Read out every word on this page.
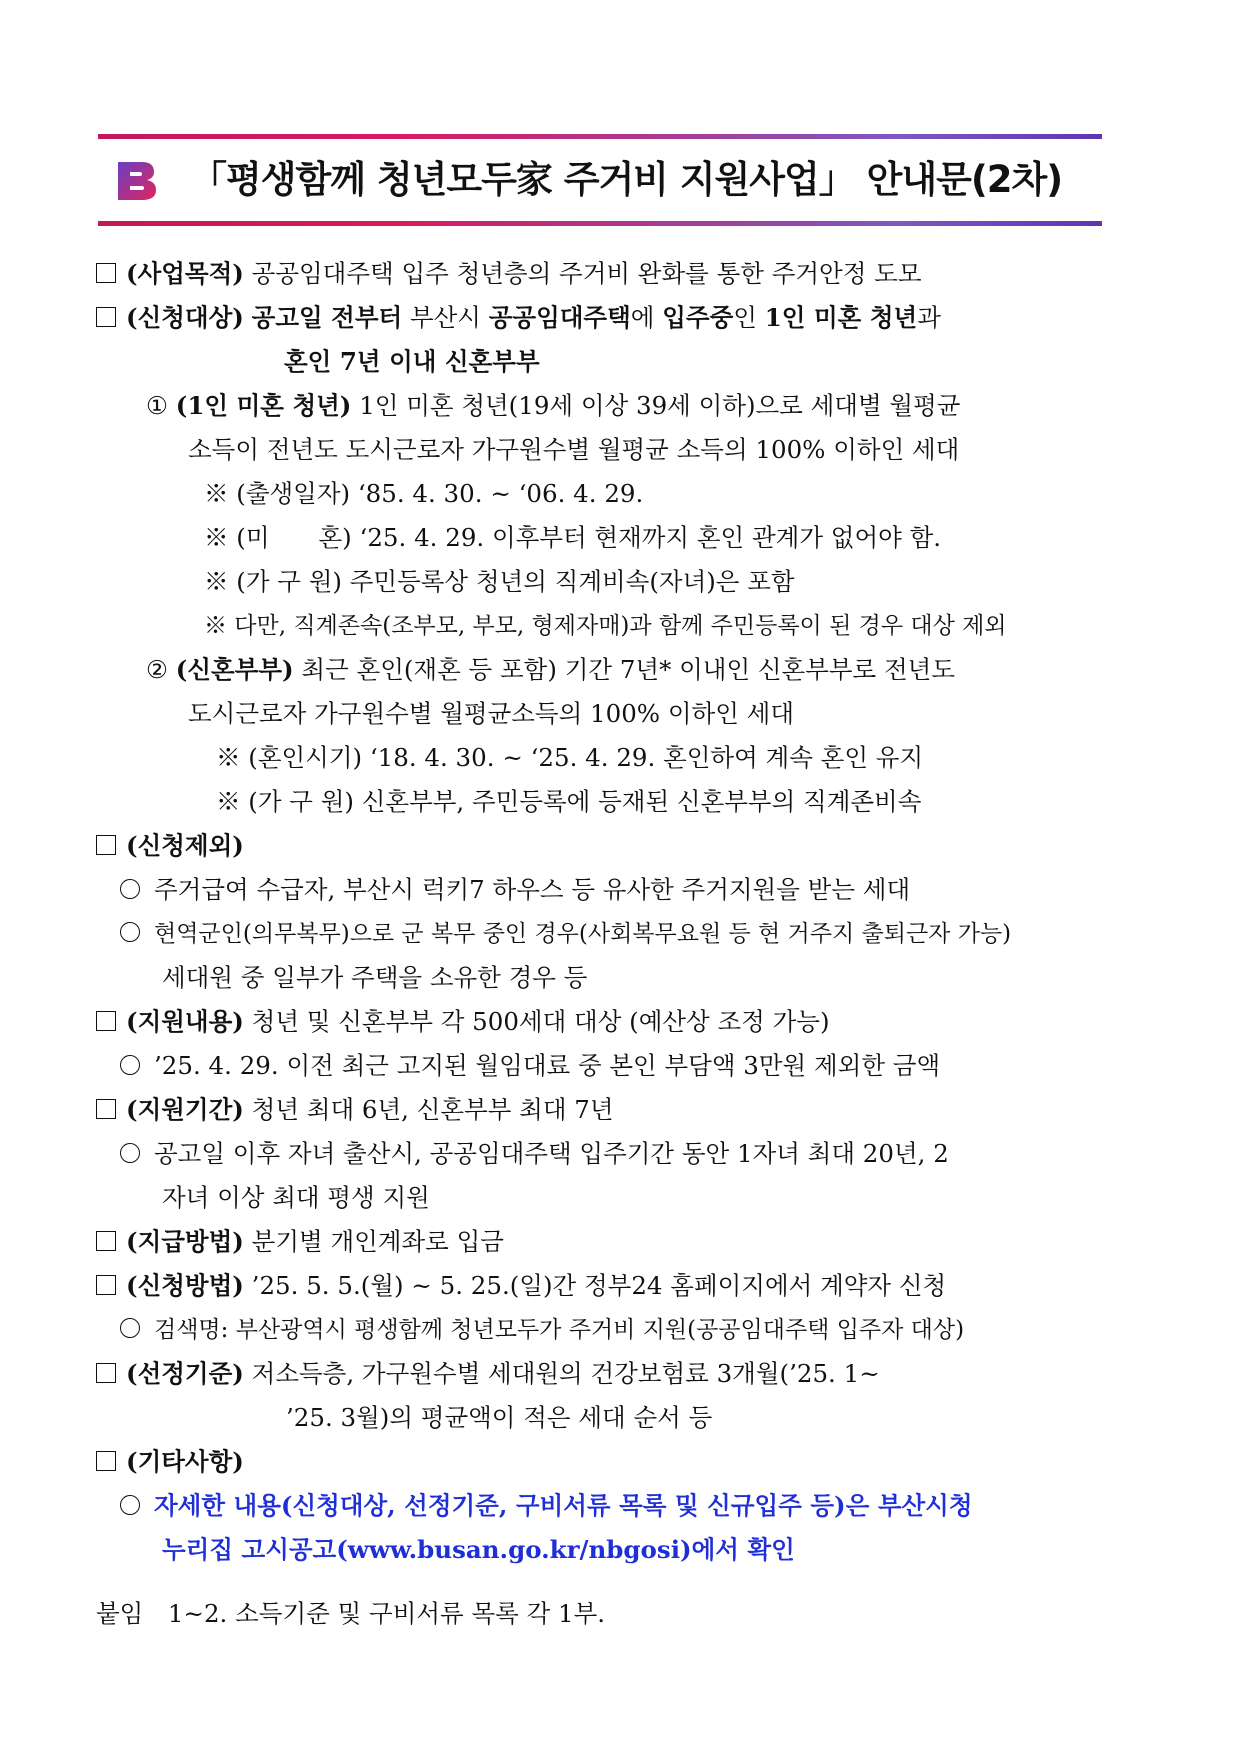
「평생함께 청년모두家 주거비 지원사업」 안내문(2차)
(사업목적) 공공임대주택 입주 청년층의 주거비 완화를 통한 주거안정 도모
(신청대상) 공고일 전부터 부산시 공공임대주택에 입주중인 1인 미혼 청년과
혼인 7년 이내 신혼부부
① (1인 미혼 청년) 1인 미혼 청년(19세 이상 39세 이하)으로 세대별 월평균
소득이 전년도 도시근로자 가구원수별 월평균 소득의 100% 이하인 세대
※ (출생일자) ‘85. 4. 30. ~ ‘06. 4. 29.
※ (미　　혼) ‘25. 4. 29. 이후부터 현재까지 혼인 관계가 없어야 함.
※ (가 구 원) 주민등록상 청년의 직계비속(자녀)은 포함
※ 다만, 직계존속(조부모, 부모, 형제자매)과 함께 주민등록이 된 경우 대상 제외
② (신혼부부) 최근 혼인(재혼 등 포함) 기간 7년* 이내인 신혼부부로 전년도
도시근로자 가구원수별 월평균소득의 100% 이하인 세대
※ (혼인시기) ‘18. 4. 30. ~ ‘25. 4. 29. 혼인하여 계속 혼인 유지
※ (가 구 원) 신혼부부, 주민등록에 등재된 신혼부부의 직계존비속
(신청제외)
주거급여 수급자, 부산시 럭키7 하우스 등 유사한 주거지원을 받는 세대
현역군인(의무복무)으로 군 복무 중인 경우(사회복무요원 등 현 거주지 출퇴근자 가능)
세대원 중 일부가 주택을 소유한 경우 등
(지원내용) 청년 및 신혼부부 각 500세대 대상 (예산상 조정 가능)
’25. 4. 29. 이전 최근 고지된 월임대료 중 본인 부담액 3만원 제외한 금액
(지원기간) 청년 최대 6년, 신혼부부 최대 7년
공고일 이후 자녀 출산시, 공공임대주택 입주기간 동안 1자녀 최대 20년, 2
자녀 이상 최대 평생 지원
(지급방법) 분기별 개인계좌로 입금
(신청방법) ’25. 5. 5.(월) ~ 5. 25.(일)간 정부24 홈페이지에서 계약자 신청
검색명: 부산광역시 평생함께 청년모두가 주거비 지원(공공임대주택 입주자 대상)
(선정기준) 저소득층, 가구원수별 세대원의 건강보험료 3개월(’25. 1~
’25. 3월)의 평균액이 적은 세대 순서 등
(기타사항)
자세한 내용(신청대상, 선정기준, 구비서류 목록 및 신규입주 등)은 부산시청
누리집 고시공고(www.busan.go.kr/nbgosi)에서 확인
붙임　1~2. 소득기준 및 구비서류 목록 각 1부.
